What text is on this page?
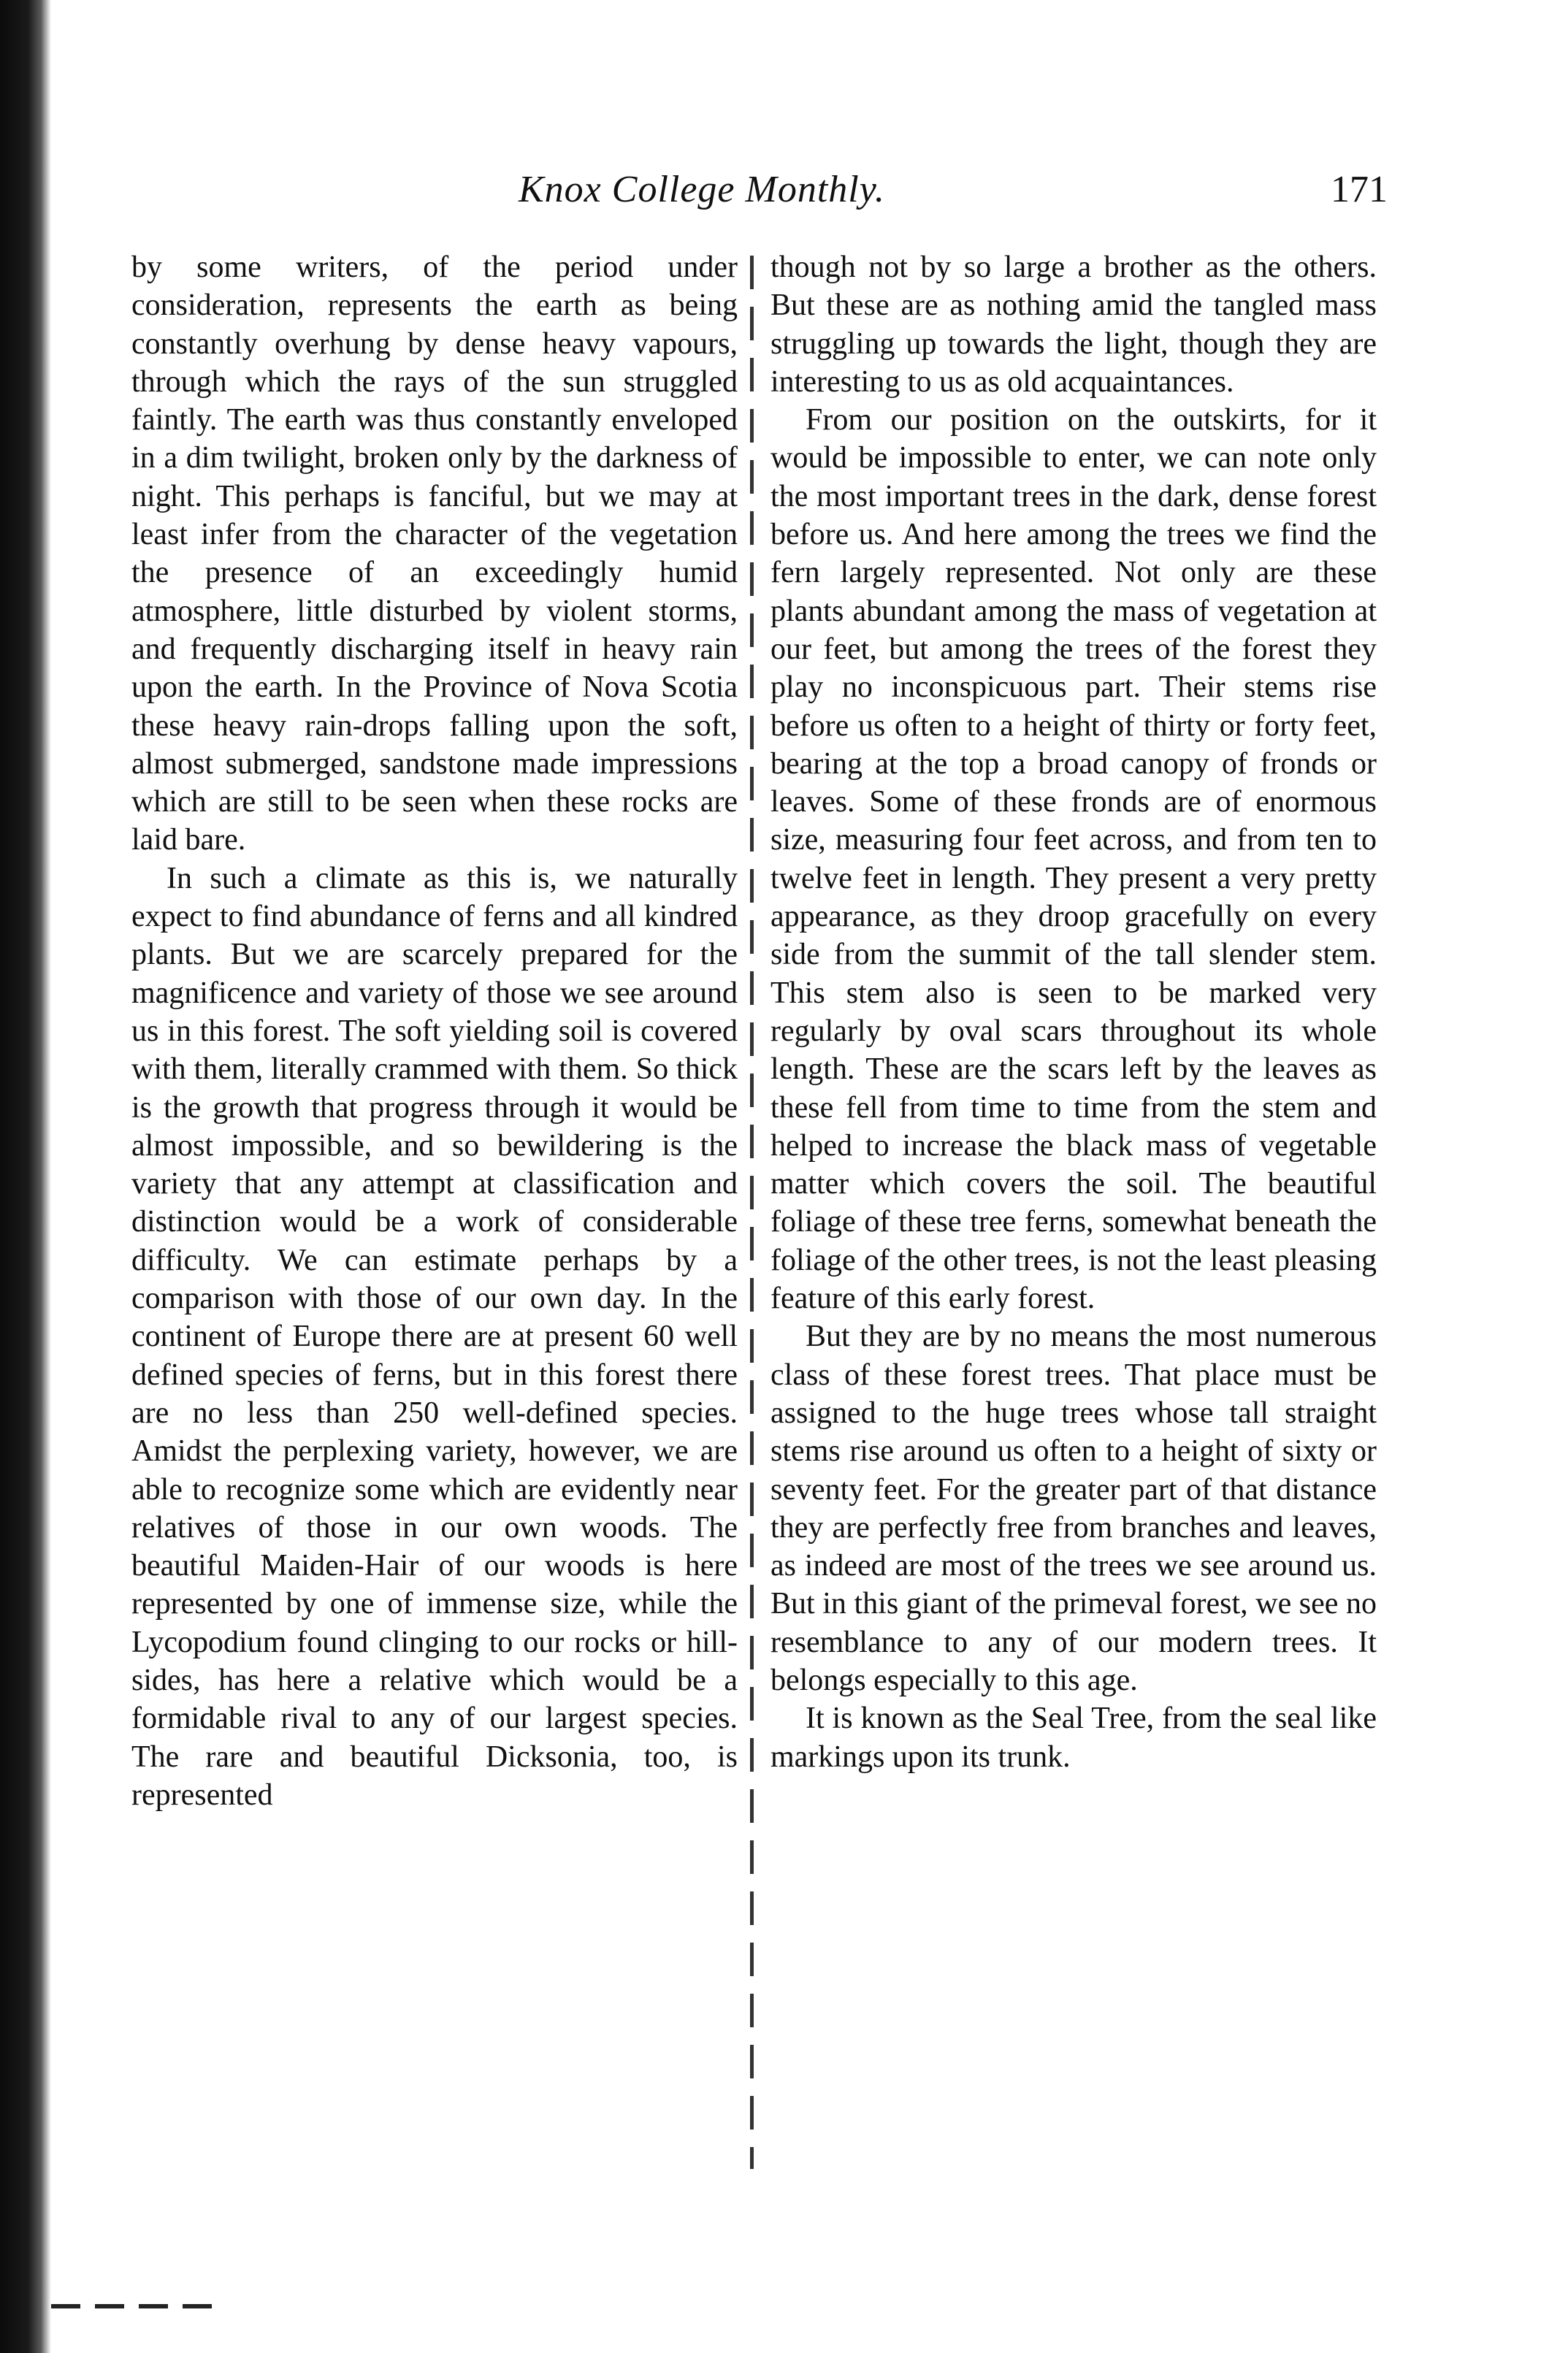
Knox College Monthly.	171

by some writers, of the period under consideration, represents the earth as being constantly overhung by dense heavy vapours, through which the rays of the sun struggled faintly. The earth was thus constantly enveloped in a dim twilight, broken only by the darkness of night. This perhaps is fanciful, but we may at least infer from the character of the vegetation the presence of an exceedingly humid atmosphere, little disturbed by violent storms, and frequently discharging itself in heavy rain upon the earth. In the Province of Nova Scotia these heavy rain-drops falling upon the soft, almost submerged, sandstone made impressions which are still to be seen when these rocks are laid bare.

In such a climate as this is, we naturally expect to find abundance of ferns and all kindred plants. But we are scarcely prepared for the magnificence and variety of those we see around us in this forest. The soft yielding soil is covered with them, literally crammed with them. So thick is the growth that progress through it would be almost impossible, and so bewildering is the variety that any attempt at classification and distinction would be a work of considerable difficulty. We can estimate perhaps by a comparison with those of our own day. In the continent of Europe there are at present 60 well defined species of ferns, but in this forest there are no less than 250 well-defined species. Amidst the perplexing variety, however, we are able to recognize some which are evidently near relatives of those in our own woods. The beautiful Maiden-Hair of our woods is here represented by one of immense size, while the Lycopodium found clinging to our rocks or hill-sides, has here a relative which would be a formidable rival to any of our largest species. The rare and beautiful Dicksonia, too, is represented

though not by so large a brother as the others. But these are as nothing amid the tangled mass struggling up towards the light, though they are interesting to us as old acquaintances.

From our position on the outskirts, for it would be impossible to enter, we can note only the most important trees in the dark, dense forest before us. And here among the trees we find the fern largely represented. Not only are these plants abundant among the mass of vegetation at our feet, but among the trees of the forest they play no inconspicuous part. Their stems rise before us often to a height of thirty or forty feet, bearing at the top a broad canopy of fronds or leaves. Some of these fronds are of enormous size, measuring four feet across, and from ten to twelve feet in length. They present a very pretty appearance, as they droop gracefully on every side from the summit of the tall slender stem. This stem also is seen to be marked very regularly by oval scars throughout its whole length. These are the scars left by the leaves as these fell from time to time from the stem and helped to increase the black mass of vegetable matter which covers the soil. The beautiful foliage of these tree ferns, somewhat beneath the foliage of the other trees, is not the least pleasing feature of this early forest.

But they are by no means the most numerous class of these forest trees. That place must be assigned to the huge trees whose tall straight stems rise around us often to a height of sixty or seventy feet. For the greater part of that distance they are perfectly free from branches and leaves, as indeed are most of the trees we see around us. But in this giant of the primeval forest, we see no resemblance to any of our modern trees. It belongs especially to this age.

It is known as the Seal Tree, from the seal like markings upon its trunk.
